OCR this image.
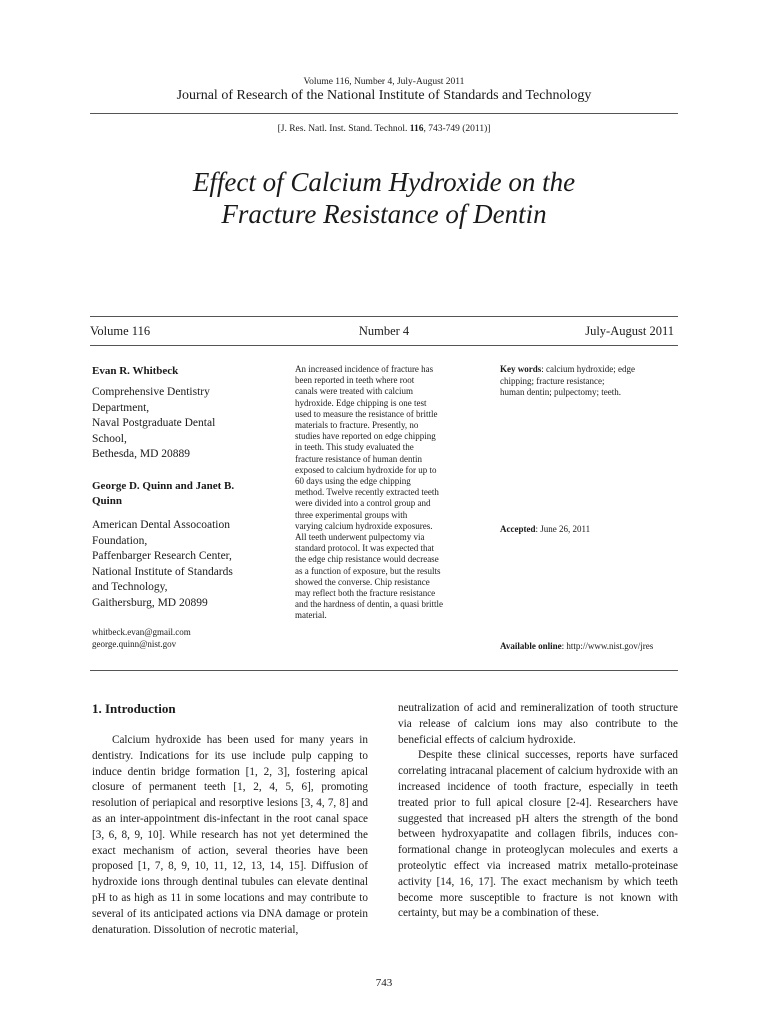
Volume 116, Number 4, July-August 2011
Journal of Research of the National Institute of Standards and Technology
[J. Res. Natl. Inst. Stand. Technol. 116, 743-749 (2011)]
Effect of Calcium Hydroxide on the
Fracture Resistance of Dentin
Volume 116	Number 4	July-August 2011
Evan R. Whitbeck
Comprehensive Dentistry
Department,
Naval Postgraduate Dental
School,
Bethesda, MD 20889
George D. Quinn and Janet B.
Quinn
American Dental Assocoation
Foundation,
Paffenbarger Research Center,
National Institute of Standards
and Technology,
Gaithersburg, MD 20899
whitbeck.evan@gmail.com
george.quinn@nist.gov
An increased incidence of fracture has
been reported in teeth where root
canals were treated with calcium
hydroxide. Edge chipping is one test
used to measure the resistance of brittle
materials to fracture. Presently, no
studies have reported on edge chipping
in teeth. This study evaluated the
fracture resistance of human dentin
exposed to calcium hydroxide for up to
60 days using the edge chipping
method. Twelve recently extracted teeth
were divided into a control group and
three experimental groups with
varying calcium hydroxide exposures.
All teeth underwent pulpectomy via
standard protocol. It was expected that
the edge chip resistance would decrease
as a function of exposure, but the results
showed the converse. Chip resistance
may reflect both the fracture resistance
and the hardness of dentin, a quasi brittle
material.
Key words: calcium hydroxide; edge
chipping; fracture resistance;
human dentin; pulpectomy; teeth.
Accepted: June 26, 2011
Available online: http://www.nist.gov/jres
1. Introduction

Calcium hydroxide has been used for many years in dentistry. Indications for its use include pulp capping to induce dentin bridge formation [1, 2, 3], fostering apical closure of permanent teeth [1, 2, 4, 5, 6], promoting resolution of periapical and resorptive lesions [3, 4, 7, 8] and as an inter-appointment dis-infectant in the root canal space [3, 6, 8, 9, 10]. While research has not yet determined the exact mechanism of action, several theories have been proposed [1, 7, 8, 9, 10, 11, 12, 13, 14, 15]. Diffusion of hydroxide ions through dentinal tubules can elevate dentinal pH to as high as 11 in some locations and may contribute to several of its anticipated actions via DNA damage or protein denaturation. Dissolution of necrotic material,

neutralization of acid and remineralization of tooth structure via release of calcium ions may also contribute to the beneficial effects of calcium hydroxide.

Despite these clinical successes, reports have surfaced correlating intracanal placement of calcium hydroxide with an increased incidence of tooth fracture, especially in teeth treated prior to full apical closure [2-4]. Researchers have suggested that increased pH alters the strength of the bond between hydroxyapatite and collagen fibrils, induces con-formational change in proteoglycan molecules and exerts a proteolytic effect via increased matrix metallo-proteinase activity [14, 16, 17]. The exact mechanism by which teeth become more susceptible to fracture is not known with certainty, but may be a combination of these.

743
